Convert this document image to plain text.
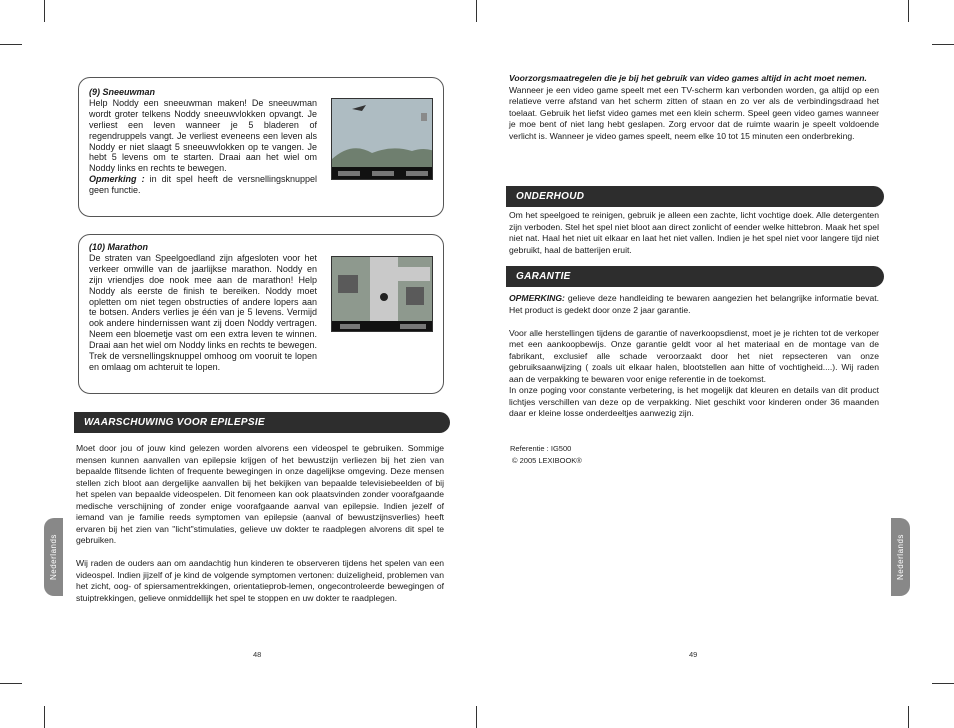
(9) Sneeuwman
Help Noddy een sneeuwman maken! De sneeuwman wordt groter telkens Noddy sneeuwvlokken opvangt. Je verliest een leven wanneer je 5 bladeren of regendruppels vangt. Je verliest eveneens een leven als Noddy er niet slaagt 5 sneeuwvlokken op te vangen. Je hebt 5 levens om te starten. Draai aan het wiel om Noddy links en rechts te bewegen.
Opmerking : in dit spel heeft de versnellingsknuppel geen functie.
(10) Marathon
De straten van Speelgoedland zijn afgesloten voor het verkeer omwille van de jaarlijkse marathon. Noddy en zijn vriendjes doe nook mee aan de marathon! Help Noddy als eerste de finish te bereiken. Noddy moet opletten om niet tegen obstructies of andere lopers aan te botsen. Anders verlies je één van je 5 levens. Vermijd ook andere hindernissen want zij doen Noddy vertragen. Neem een bloemetje vast om een extra leven te winnen. Draai aan het wiel om Noddy links en rechts te bewegen. Trek de versnellingsknuppel omhoog om vooruit te lopen en omlaag om achteruit te lopen.
WAARSCHUWING VOOR EPILEPSIE

Moet door jou of jouw kind gelezen worden alvorens een videospel te gebruiken. Sommige mensen kunnen aanvallen van epilepsie krijgen of het bewustzijn verliezen bij het zien van bepaalde flitsende lichten of frequente bewegingen in onze dagelijkse omgeving. Deze mensen stellen zich bloot aan dergelijke aanvallen bij het bekijken van bepaalde televisiebeelden of bij het spelen van bepaalde videospelen. Dit fenomeen kan ook plaatsvinden zonder voorafgaande medische verschijning of zonder enige voorafgaande aanval van epilepsie. Indien jezelf of iemand van je familie reeds symptomen van epilepsie (aanval of bewustzijnsverlies) heeft ervaren bij het zien van "licht"stimulaties, gelieve uw dokter te raadplegen alvorens dit spel te gebruiken.

Wij raden de ouders aan om aandachtig hun kinderen te observeren tijdens het spelen van een videospel. Indien jijzelf of je kind de volgende symptomen vertonen: duizeligheid, problemen van het zicht, oog- of spiersamentrekkingen, orientatieprob-lemen, ongecontroleerde bewegingen of stuiptrekkingen, gelieve onmiddellijk het spel te stoppen en uw dokter te raadplegen.

Nederlands
48

Voorzorgsmaatregelen die je bij het gebruik van video games altijd in acht moet nemen.

Wanneer je een video game speelt met een TV-scherm kan verbonden worden, ga altijd op een relatieve verre afstand van het scherm zitten of staan en zo ver als de verbindingsdraad het toelaat. Gebruik het liefst video games met een klein scherm. Speel geen video games wanneer je moe bent of niet lang hebt geslapen. Zorg ervoor dat de ruimte waarin je speelt voldoende verlicht is. Wanneer je video games speelt, neem elke 10 tot 15 minuten een onderbreking.

ONDERHOUD

Om het speelgoed te reinigen, gebruik je alleen een zachte, licht vochtige doek. Alle detergenten zijn verboden. Stel het spel niet bloot aan direct zonlicht of eender welke hittebron. Maak het spel niet nat. Haal het niet uit elkaar en laat het niet vallen. Indien je het spel niet voor langere tijd niet gebruikt, haal de batterijen eruit.

GARANTIE

OPMERKING: gelieve deze handleiding te bewaren aangezien het belangrijke informatie bevat. Het product is gedekt door onze 2 jaar garantie.

Voor alle herstellingen tijdens de garantie of naverkoopsdienst, moet je je richten tot de verkoper met een aankoopbewijs. Onze garantie geldt voor al het materiaal en de montage van de fabrikant, exclusief alle schade veroorzaakt door het niet repsecteren van onze gebruiksaanwijzing ( zoals uit elkaar halen, blootstellen aan hitte of vochtigheid....). Wij raden aan de verpakking te bewaren voor enige referentie in de toekomst.

In onze poging voor constante verbetering, is het mogelijk dat kleuren en details van dit product lichtjes verschillen van deze op de verpakking. Niet geschikt voor kinderen onder 36 maanden daar er kleine losse onderdeeltjes aanwezig zijn.

Referentie : IG500
© 2005 LEXIBOOK®
Nederlands
49
